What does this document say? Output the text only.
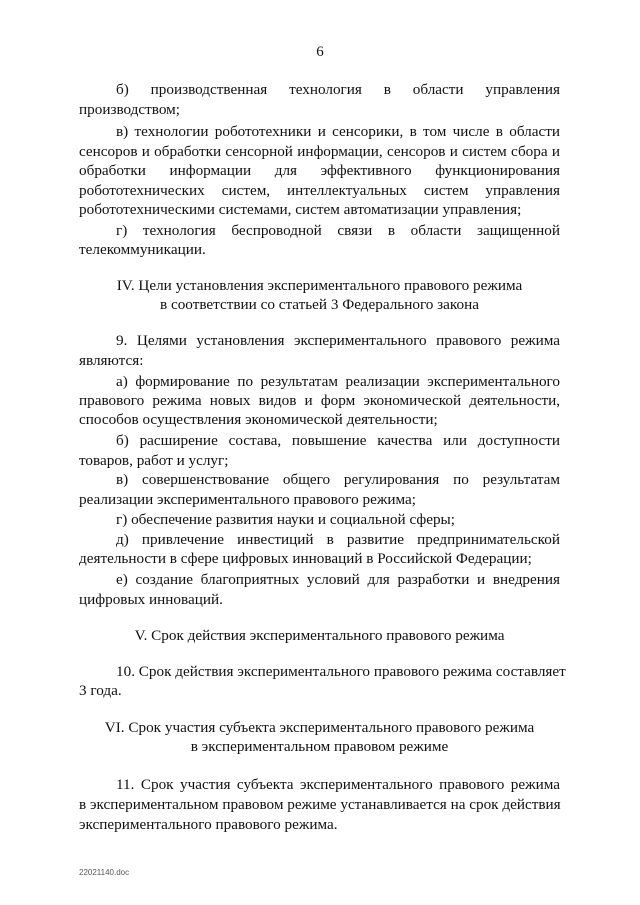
6
б) производственная технология в области управления
производством;
в) технологии робототехники и сенсорики, в том числе в области
сенсоров и обработки сенсорной информации, сенсоров и систем сбора и
обработки информации для эффективного функционирования
робототехнических систем, интеллектуальных систем управления
робототехническими системами, систем автоматизации управления;
г) технология беспроводной связи в области защищенной
телекоммуникации.
IV. Цели установления экспериментального правового режима
в соответствии со статьей 3 Федерального закона
9. Целями установления экспериментального правового режима
являются:
а) формирование по результатам реализации экспериментального
правового режима новых видов и форм экономической деятельности,
способов осуществления экономической деятельности;
б) расширение состава, повышение качества или доступности
товаров, работ и услуг;
в) совершенствование общего регулирования по результатам
реализации экспериментального правового режима;
г) обеспечение развития науки и социальной сферы;
д) привлечение инвестиций в развитие предпринимательской
деятельности в сфере цифровых инноваций в Российской Федерации;
е) создание благоприятных условий для разработки и внедрения
цифровых инноваций.
V. Срок действия экспериментального правового режима
10. Срок действия экспериментального правового режима составляет
3 года.
VI. Срок участия субъекта экспериментального правового режима
в экспериментальном правовом режиме
11. Срок участия субъекта экспериментального правового режима
в экспериментальном правовом режиме устанавливается на срок действия
экспериментального правового режима.
22021140.doc
